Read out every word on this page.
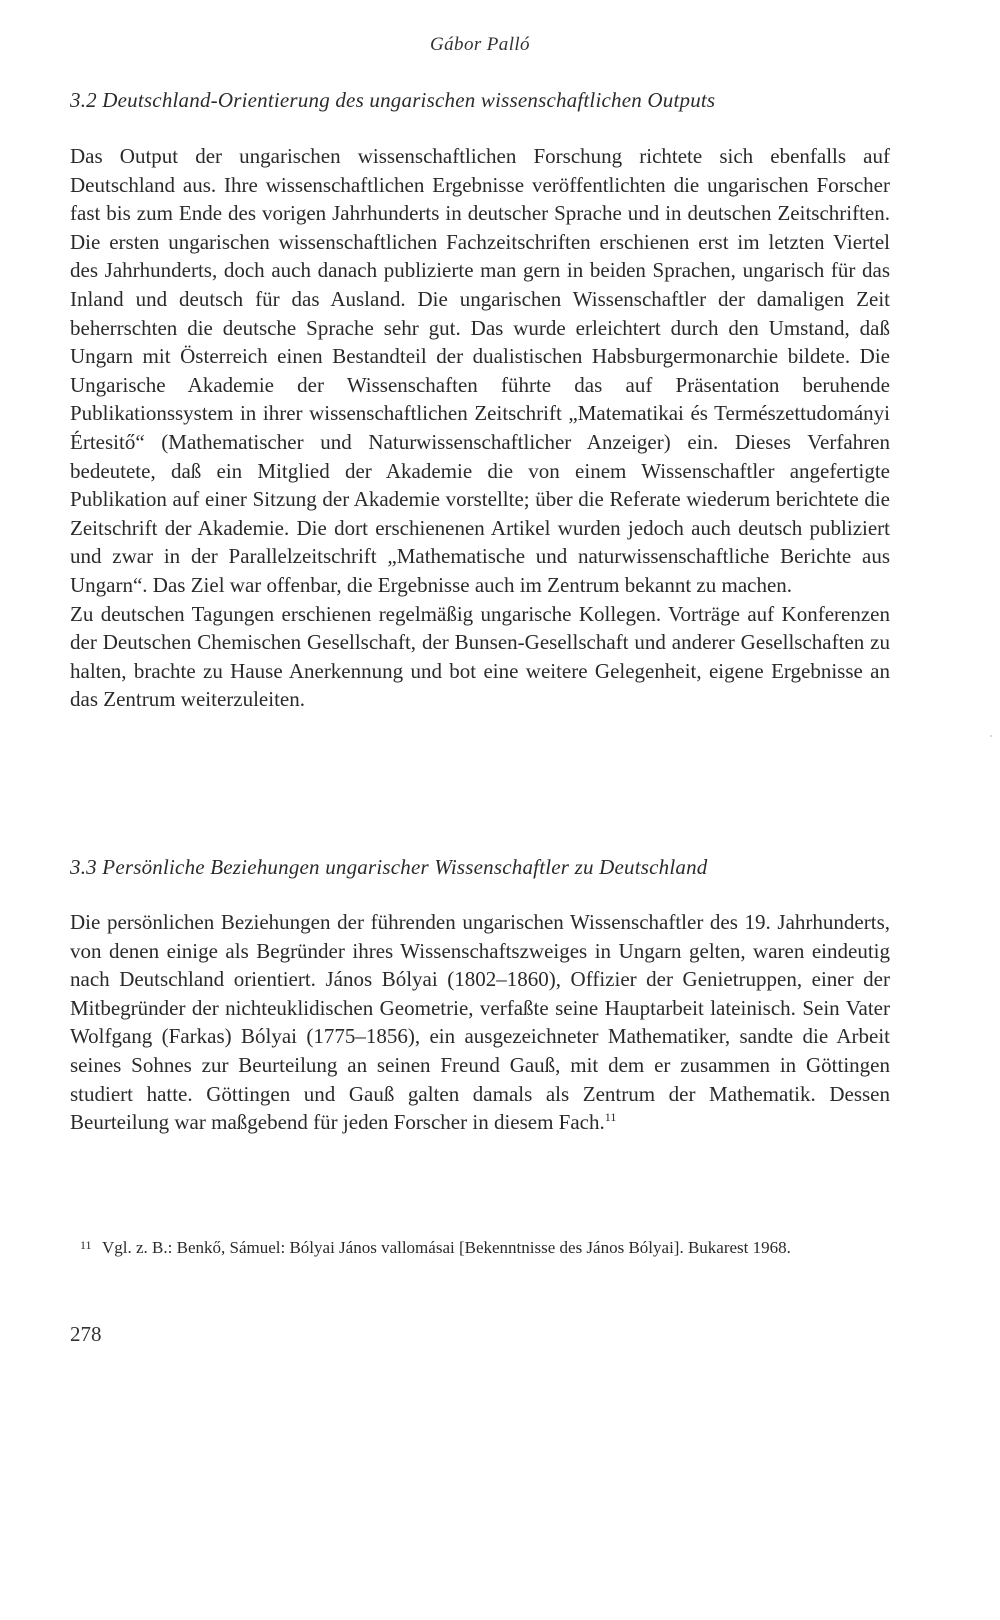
Gábor Palló
3.2 Deutschland-Orientierung des ungarischen wissenschaftlichen Outputs

Das Output der ungarischen wissenschaftlichen Forschung richtete sich ebenfalls auf Deutschland aus. Ihre wissenschaftlichen Ergebnisse veröffentlichten die ungarischen Forscher fast bis zum Ende des vorigen Jahrhunderts in deutscher Sprache und in deutschen Zeitschriften. Die ersten ungarischen wissenschaftlichen Fachzeitschriften erschienen erst im letzten Viertel des Jahrhunderts, doch auch danach publizierte man gern in beiden Sprachen, ungarisch für das Inland und deutsch für das Ausland. Die ungarischen Wissenschaftler der damaligen Zeit beherrschten die deutsche Sprache sehr gut. Das wurde erleichtert durch den Umstand, daß Ungarn mit Österreich einen Bestandteil der dualistischen Habsburgermonarchie bildete. Die Ungarische Akademie der Wissenschaften führte das auf Präsentation beruhende Publikationssystem in ihrer wissenschaftlichen Zeitschrift „Matematikai és Természettudományi Értesitő“ (Mathematischer und Naturwissenschaftlicher Anzeiger) ein. Dieses Verfahren bedeutete, daß ein Mitglied der Akademie die von einem Wissenschaftler angefertigte Publikation auf einer Sitzung der Akademie vorstellte; über die Referate wiederum berichtete die Zeitschrift der Akademie. Die dort erschienenen Artikel wurden jedoch auch deutsch publiziert und zwar in der Parallelzeitschrift „Mathematische und naturwissenschaftliche Berichte aus Ungarn“. Das Ziel war offenbar, die Ergebnisse auch im Zentrum bekannt zu machen.

Zu deutschen Tagungen erschienen regelmäßig ungarische Kollegen. Vorträge auf Konferenzen der Deutschen Chemischen Gesellschaft, der Bunsen-Gesellschaft und anderer Gesellschaften zu halten, brachte zu Hause Anerkennung und bot eine weitere Gelegenheit, eigene Ergebnisse an das Zentrum weiterzuleiten.

3.3 Persönliche Beziehungen ungarischer Wissenschaftler zu Deutschland

Die persönlichen Beziehungen der führenden ungarischen Wissenschaftler des 19. Jahrhunderts, von denen einige als Begründer ihres Wissenschaftszweiges in Ungarn gelten, waren eindeutig nach Deutschland orientiert. János Bólyai (1802–1860), Offizier der Genietruppen, einer der Mitbegründer der nichteuklidischen Geometrie, verfaßte seine Hauptarbeit lateinisch. Sein Vater Wolfgang (Farkas) Bólyai (1775–1856), ein ausgezeichneter Mathematiker, sandte die Arbeit seines Sohnes zur Beurteilung an seinen Freund Gauß, mit dem er zusammen in Göttingen studiert hatte. Göttingen und Gauß galten damals als Zentrum der Mathematik. Dessen Beurteilung war maßgebend für jeden Forscher in diesem Fach.$^{11}$

11 Vgl. z. B.: Benkő, Sámuel: Bólyai János vallomásai [Bekenntnisse des János Bólyai]. Bukarest 1968.
278
